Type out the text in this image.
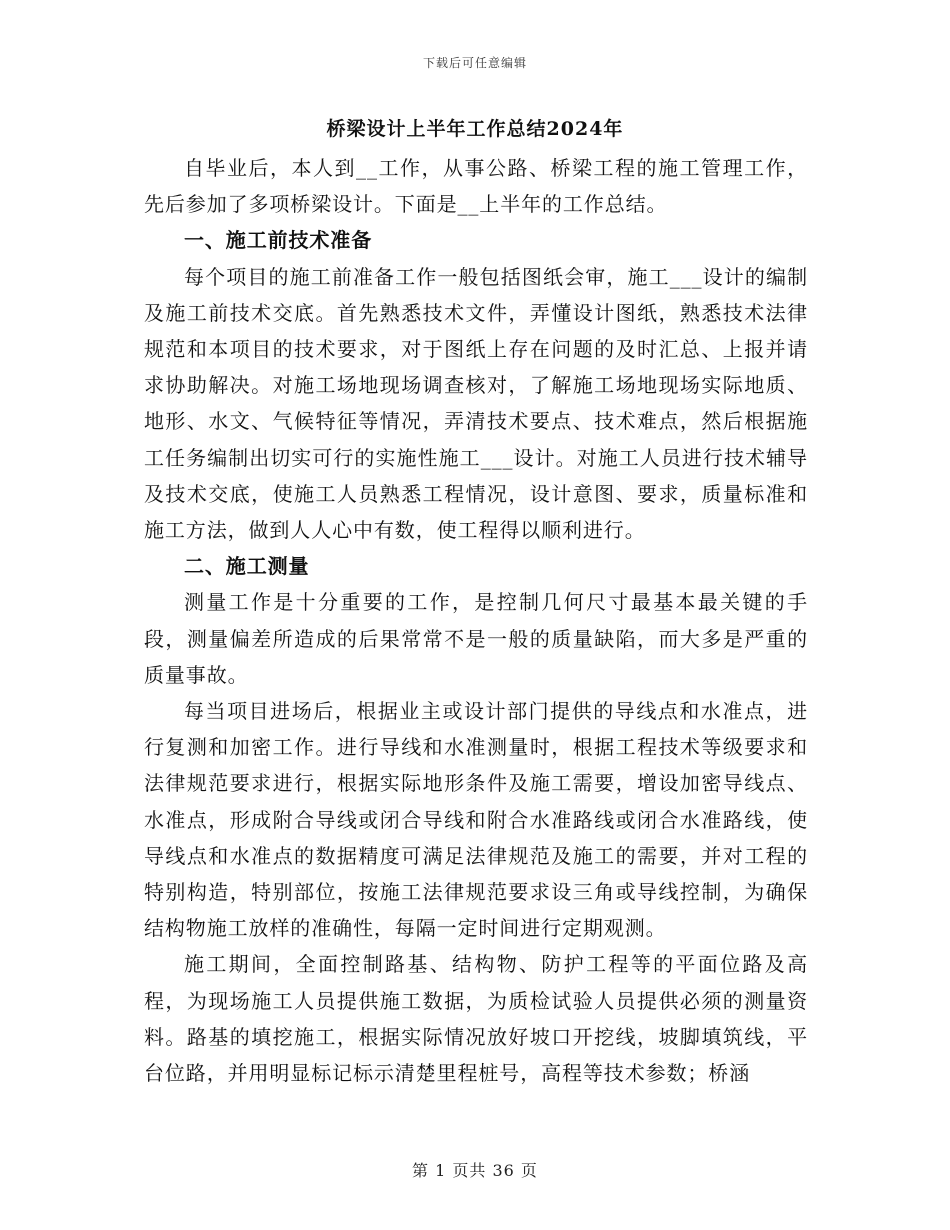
下载后可任意编辑
桥梁设计上半年工作总结2024年

自毕业后，本人到__工作，从事公路、桥梁工程的施工管理工作，先后参加了多项桥梁设计。下面是__上半年的工作总结。

一、施工前技术准备

每个项目的施工前准备工作一般包括图纸会审，施工___设计的编制及施工前技术交底。首先熟悉技术文件，弄懂设计图纸，熟悉技术法律规范和本项目的技术要求，对于图纸上存在问题的及时汇总、上报并请求协助解决。对施工场地现场调查核对，了解施工场地现场实际地质、地形、水文、气候特征等情况，弄清技术要点、技术难点，然后根据施工任务编制出切实可行的实施性施工___设计。对施工人员进行技术辅导及技术交底，使施工人员熟悉工程情况，设计意图、要求，质量标准和施工方法，做到人人心中有数，使工程得以顺利进行。

二、施工测量

测量工作是十分重要的工作，是控制几何尺寸最基本最关键的手段，测量偏差所造成的后果常常不是一般的质量缺陷，而大多是严重的质量事故。

每当项目进场后，根据业主或设计部门提供的导线点和水准点，进行复测和加密工作。进行导线和水准测量时，根据工程技术等级要求和法律规范要求进行，根据实际地形条件及施工需要，增设加密导线点、水准点，形成附合导线或闭合导线和附合水准路线或闭合水准路线，使导线点和水准点的数据精度可满足法律规范及施工的需要，并对工程的特别构造，特别部位，按施工法律规范要求设三角或导线控制，为确保结构物施工放样的准确性，每隔一定时间进行定期观测。

施工期间，全面控制路基、结构物、防护工程等的平面位路及高程，为现场施工人员提供施工数据，为质检试验人员提供必须的测量资料。路基的填挖施工，根据实际情况放好坡口开挖线，坡脚填筑线，平台位路，并用明显标记标示清楚里程桩号，高程等技术参数；桥涵

第 1 页共 36 页
